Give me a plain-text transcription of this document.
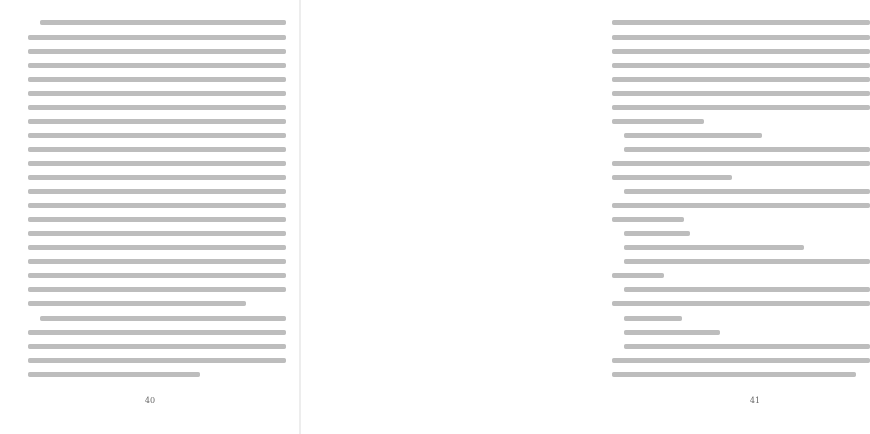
40	41
